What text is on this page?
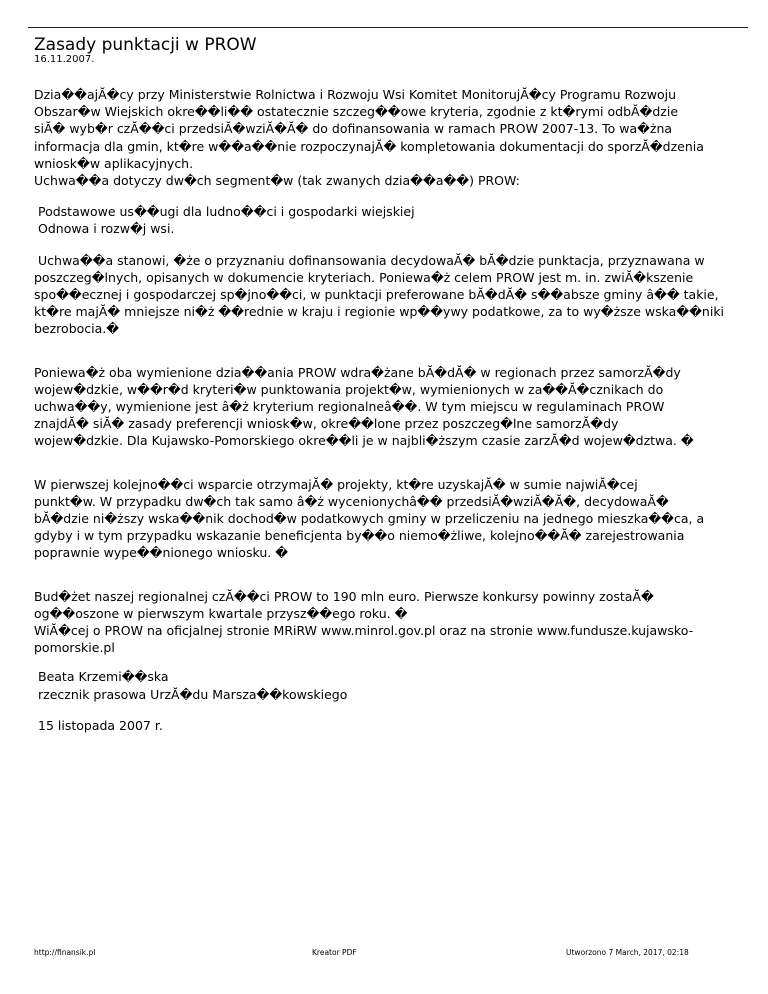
Zasady punktacji w PROW
16.11.2007.

Dzia��ajĂ�cy przy Ministerstwie Rolnictwa i Rozwoju Wsi Komitet MonitorujĂ�cy Programu Rozwoju

Obszar�w Wiejskich okre��li�� ostatecznie szczeg��owe kryteria, zgodnie z kt�rymi odbĂ�dzie

siĂ� wyb�r czĂ��ci przedsiĂ�wziĂ�Ă� do dofinansowania w ramach PROW 2007-13. To wa�żna

informacja dla gmin, kt�re w��a��nie rozpoczynajĂ� kompletowania dokumentacji do sporzĂ�dzenia

wniosk�w aplikacyjnych.

Uchwa��a dotyczy dw�ch segment�w (tak zwanych dzia��a��) PROW:

Podstawowe us��ugi dla ludno��ci i gospodarki wiejskiej

Odnowa i rozw�j wsi.

Uchwa��a stanowi, �że o przyznaniu dofinansowania decydowaĂ� bĂ�dzie punktacja, przyznawana w

poszczeg�lnych, opisanych w dokumencie kryteriach. Poniewa�ż celem PROW jest m. in. zwiĂ�kszenie

spo��ecznej i gospodarczej sp�jno��ci, w punktacji preferowane bĂ�dĂ� s��absze gminy â�� takie,

kt�re majĂ� mniejsze ni�ż ��rednie w kraju i regionie wp��ywy podatkowe, za to wy�ższe wska��niki

bezrobocia.�

Poniewa�ż oba wymienione dzia��ania PROW wdra�żane bĂ�dĂ� w regionach przez samorzĂ�dy

wojew�dzkie, w��r�d kryteri�w punktowania projekt�w, wymienionych w za��Ă�cznikach do

uchwa��y, wymienione jest â�ż kryterium regionalneâ��. W tym miejscu w regulaminach PROW

znajdĂ� siĂ� zasady preferencji wniosk�w, okre��lone przez poszczeg�lne samorzĂ�dy

wojew�dzkie. Dla Kujawsko-Pomorskiego okre��li je w najbli�ższym czasie zarzĂ�d wojew�dztwa. �

W pierwszej kolejno��ci wsparcie otrzymajĂ� projekty, kt�re uzyskajĂ� w sumie najwiĂ�cej

punkt�w. W przypadku dw�ch tak samo â�ż wycenionychâ�� przedsiĂ�wziĂ�Ă�, decydowaĂ�

bĂ�dzie ni�ższy wska��nik dochod�w podatkowych gminy w przeliczeniu na jednego mieszka��ca, a

gdyby i w tym przypadku wskazanie beneficjenta by��o niemo�żliwe, kolejno��Ă� zarejestrowania

poprawnie wype��nionego wniosku. �

Bud�żet naszej regionalnej czĂ��ci PROW to 190 mln euro. Pierwsze konkursy powinny zostaĂ�

og��oszone w pierwszym kwartale przysz��ego roku. �

WiĂ�cej o PROW na oficjalnej stronie MRiRW www.minrol.gov.pl oraz na stronie www.fundusze.kujawsko-

pomorskie.pl

Beata Krzemi��ska

rzecznik prasowa UrzĂ�du Marsza��kowskiego

15 listopada 2007 r.

http://finansik.pl	Kreator PDF	Utworzono 7 March, 2017, 02:18
